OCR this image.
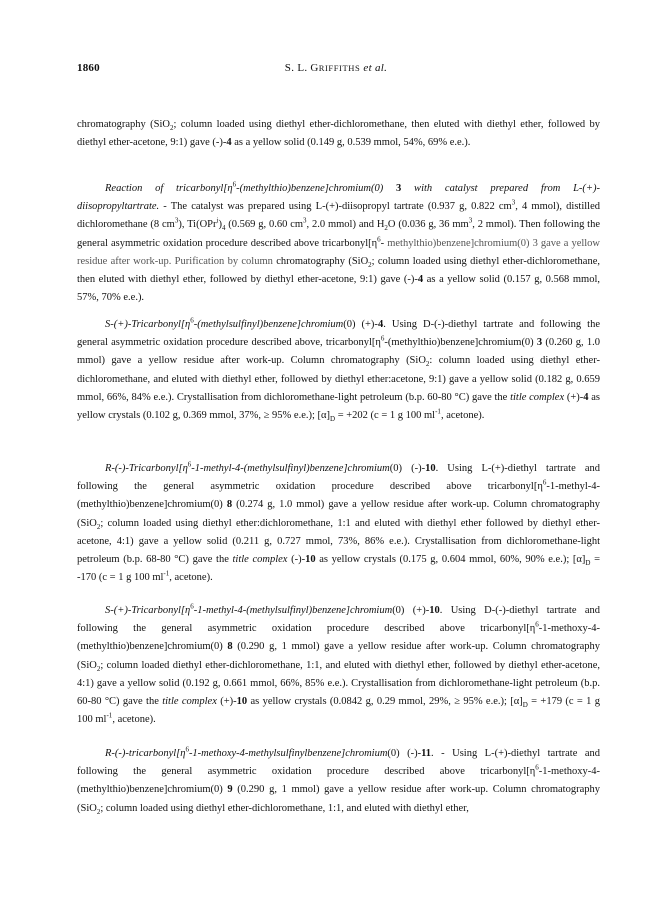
1860	S. L. GRIFFITHS et al.

chromatography (SiO$_2$; column loaded using diethyl ether-dichloromethane, then eluted with diethyl ether, followed by diethyl ether-acetone, 9:1) gave (-)-4 as a yellow solid (0.149 g, 0.539 mmol, 54%, 69% e.e.).

Reaction of $tricarbonyl[\eta^6-(methylthio)benzene]chromium(0)$ 3 with catalyst prepared from L-(+)-diisopropyltartrate. - The catalyst was prepared using L-(+)-diisopropyl tartrate (0.937 g, 0.822 $cm^3$, 4 mmol), distilled dichloromethane (8 $cm^3$), $Ti(OPr^i)_4$ (0.569 g, 0.60 $cm^3$, 2.0 mmol) and $H_2O$ (0.036 g, 36 $mm^3$, 2 mmol). Then following the general asymmetric oxidation procedure described above $tricarbonyl[\eta^6-$ methylthio)benzene]chromium(0) 3 gave a yellow residue after work-up. Purification by column chromatography (SiO$_2$; column loaded using diethyl ether-dichloromethane, then eluted with diethyl ether, followed by diethyl ether-acetone, 9:1) gave (-)-4 as a yellow solid (0.157 g, 0.568 mmol, 57%, 70% e.e.).

$S-(+)-Tricarbonyl[\eta^6-(methylsulfinyl)benzene]chromium(0)$ (+)-4. Using D-(-)-diethyl tartrate and following the general asymmetric oxidation procedure described above, $tricarbonyl[\eta^6-(methylthio)benzene]chromium(0)$ 3 (0.260 g, 1.0 mmol) gave a yellow residue after work-up. Column chromatography (SiO$_2$: column loaded using diethyl ether-dichloromethane, and eluted with diethyl ether, followed by diethyl ether:acetone, 9:1) gave a yellow solid (0.182 g, 0.659 mmol, 66%, 84% e.e.). Crystallisation from dichloromethane-light petroleum (b.p. 60-80 °C) gave the title complex (+)-4 as yellow crystals (0.102 g, 0.369 mmol, 37%, ≥ 95% e.e.); $[\alpha]_D = +202$ (c = 1 g 100 $ml^{-1}$, acetone).

$R-(-)-Tricarbonyl[\eta^6-1-methyl-4-(methylsulfinyl)benzene]chromium(0)$ (-)-10. Using L-(+)-diethyl tartrate and following the general asymmetric oxidation procedure described above $tricarbonyl[\eta^6-1-methyl-4-(methylthio)benzene]chromium(0)$ 8 (0.274 g, 1.0 mmol) gave a yellow residue after work-up. Column chromatography (SiO$_2$; column loaded using diethyl ether:dichloromethane, 1:1 and eluted with diethyl ether followed by diethyl ether-acetone, 4:1) gave a yellow solid (0.211 g, 0.727 mmol, 73%, 86% e.e.). Crystallisation from dichloromethane-light petroleum (b.p. 68-80 °C) gave the title complex (-)-10 as yellow crystals (0.175 g, 0.604 mmol, 60%, 90% e.e.); $[\alpha]_D = -170$ (c = 1 g 100 $ml^{-1}$, acetone).

$S-(+)-Tricarbonyl[\eta^6-1-methyl-4-(methylsulfinyl)benzene]chromium(0)$ (+)-10. Using D-(-)-diethyl tartrate and following the general asymmetric oxidation procedure described above $tricarbonyl[\eta^6-1-methoxy-4-(methylthio)benzene]chromium(0)$ 8 (0.290 g, 1 mmol) gave a yellow residue after work-up. Column chromatography (SiO$_2$; column loaded diethyl ether-dichloromethane, 1:1, and eluted with diethyl ether, followed by diethyl ether-acetone, 4:1) gave a yellow solid (0.192 g, 0.661 mmol, 66%, 85% e.e.). Crystallisation from dichloromethane-light petroleum (b.p. 60-80 °C) gave the title complex (+)-10 as yellow crystals (0.0842 g, 0.29 mmol, 29%, ≥ 95% e.e.); $[\alpha]_D = +179$ (c = 1 g 100 $ml^{-1}$, acetone).

$R-(-)-tricarbonyl[\eta^6-1-methoxy-4-methylsulfinylbenzene]chromium(0)$ (-)-11. - Using L-(+)-diethyl tartrate and following the general asymmetric oxidation procedure described above $tricarbonyl[\eta^6-1-methoxy-4-(methylthio)benzene]chromium(0)$ 9 (0.290 g, 1 mmol) gave a yellow residue after work-up. Column chromatography (SiO$_2$; column loaded using diethyl ether-dichloromethane, 1:1, and eluted with diethyl ether,
